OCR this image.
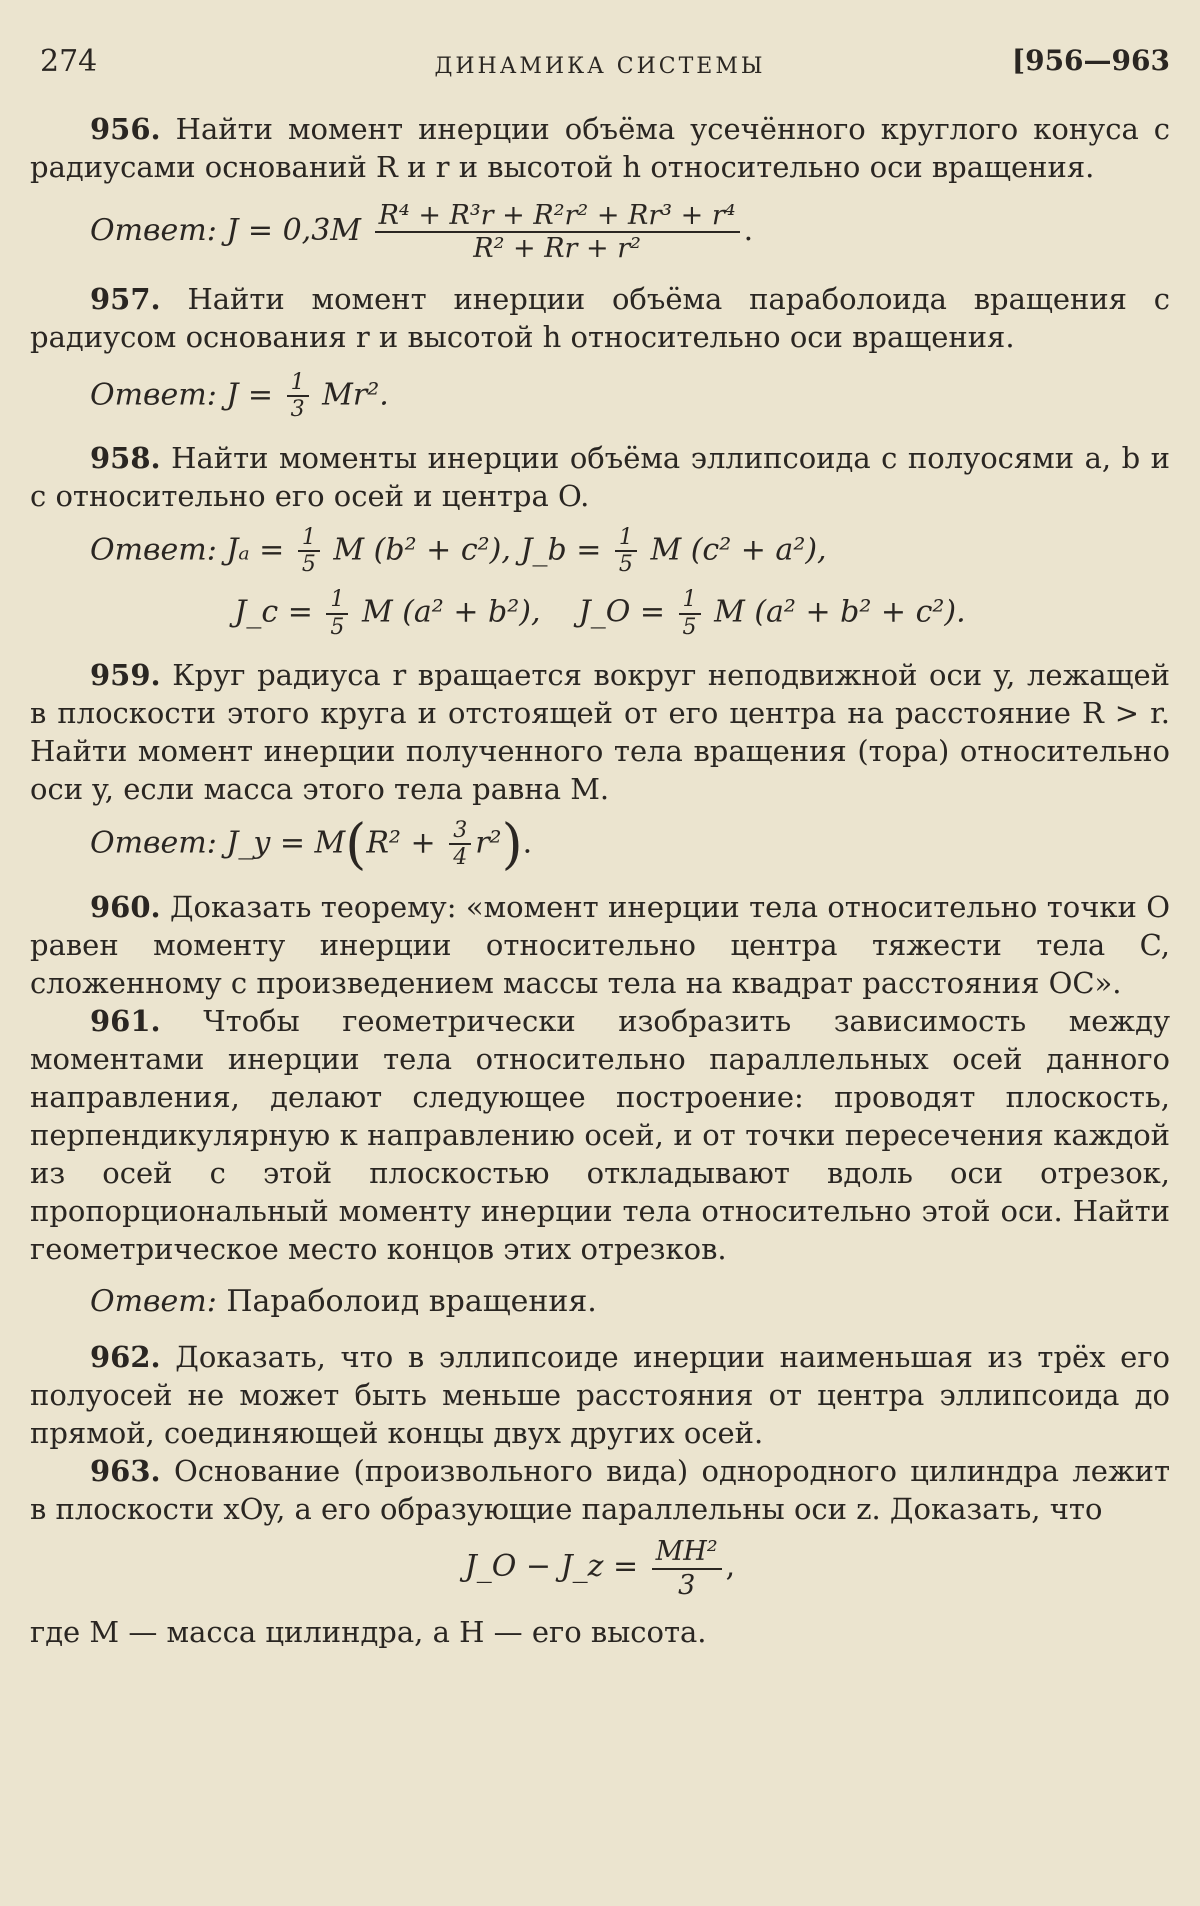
274	ДИНАМИКА СИСТЕМЫ	[956—963

956. Найти момент инерции объёма усечённого круглого конуса с радиусами оснований R и r и высотой h относительно оси вращения.

Ответ: $J = 0,3M \frac{\text{R⁴ + R³r + R²r² + Rr³ + r⁴}}{\text{R² + Rr + r²}}$ .

957. Найти момент инерции объёма параболоида вращения с радиусом основания r и высотой h относительно оси вращения.

Ответ: $J = \frac{1}{3} Mr^2$.

958. Найти моменты инерции объёма эллипсоида с полуосями a, b и c относительно его осей и центра O.

Ответ: $J_a = \frac{1}{5}$ M (b² + c²), J_b = $\frac{1}{5}$ M (c² + a²),

J_c = $\frac{1}{5}$ M (a² + b²), J_O = $\frac{1}{5}$ M (a² + b² + c²).

959. Круг радиуса r вращается вокруг неподвижной оси y, лежащей в плоскости этого круга и отстоящей от его центра на расстояние R > r. Найти момент инерции полученного тела вращения (тора) относительно оси y, если масса этого тела равна M.

Ответ: J_y = $M(R^2 + \frac{3}{4} r^2)$.

960. Доказать теорему: «момент инерции тела относительно точки O равен моменту инерции относительно центра тяжести тела C, сложенному с произведением массы тела на квадрат расстояния OC».

961. Чтобы геометрически изобразить зависимость между моментами инерции тела относительно параллельных осей данного направления, делают следующее построение: проводят плоскость, перпендикулярную к направлению осей, и от точки пересечения каждой из осей с этой плоскостью откладывают вдоль оси отрезок, пропорциональный моменту инерции тела относительно этой оси. Найти геометрическое место концов этих отрезков.

Ответ: Параболоид вращения.

962. Доказать, что в эллипсоиде инерции наименьшая из трёх его полуосей не может быть меньше расстояния от центра эллипсоида до прямой, соединяющей концы двух других осей.

963. Основание (произвольного вида) однородного цилиндра лежит в плоскости xOy, а его образующие параллельны оси z. Доказать, что

J_O − J_z = $\frac{\text{MH²}}{3}$ ,

где M — масса цилиндра, а H — его высота.
